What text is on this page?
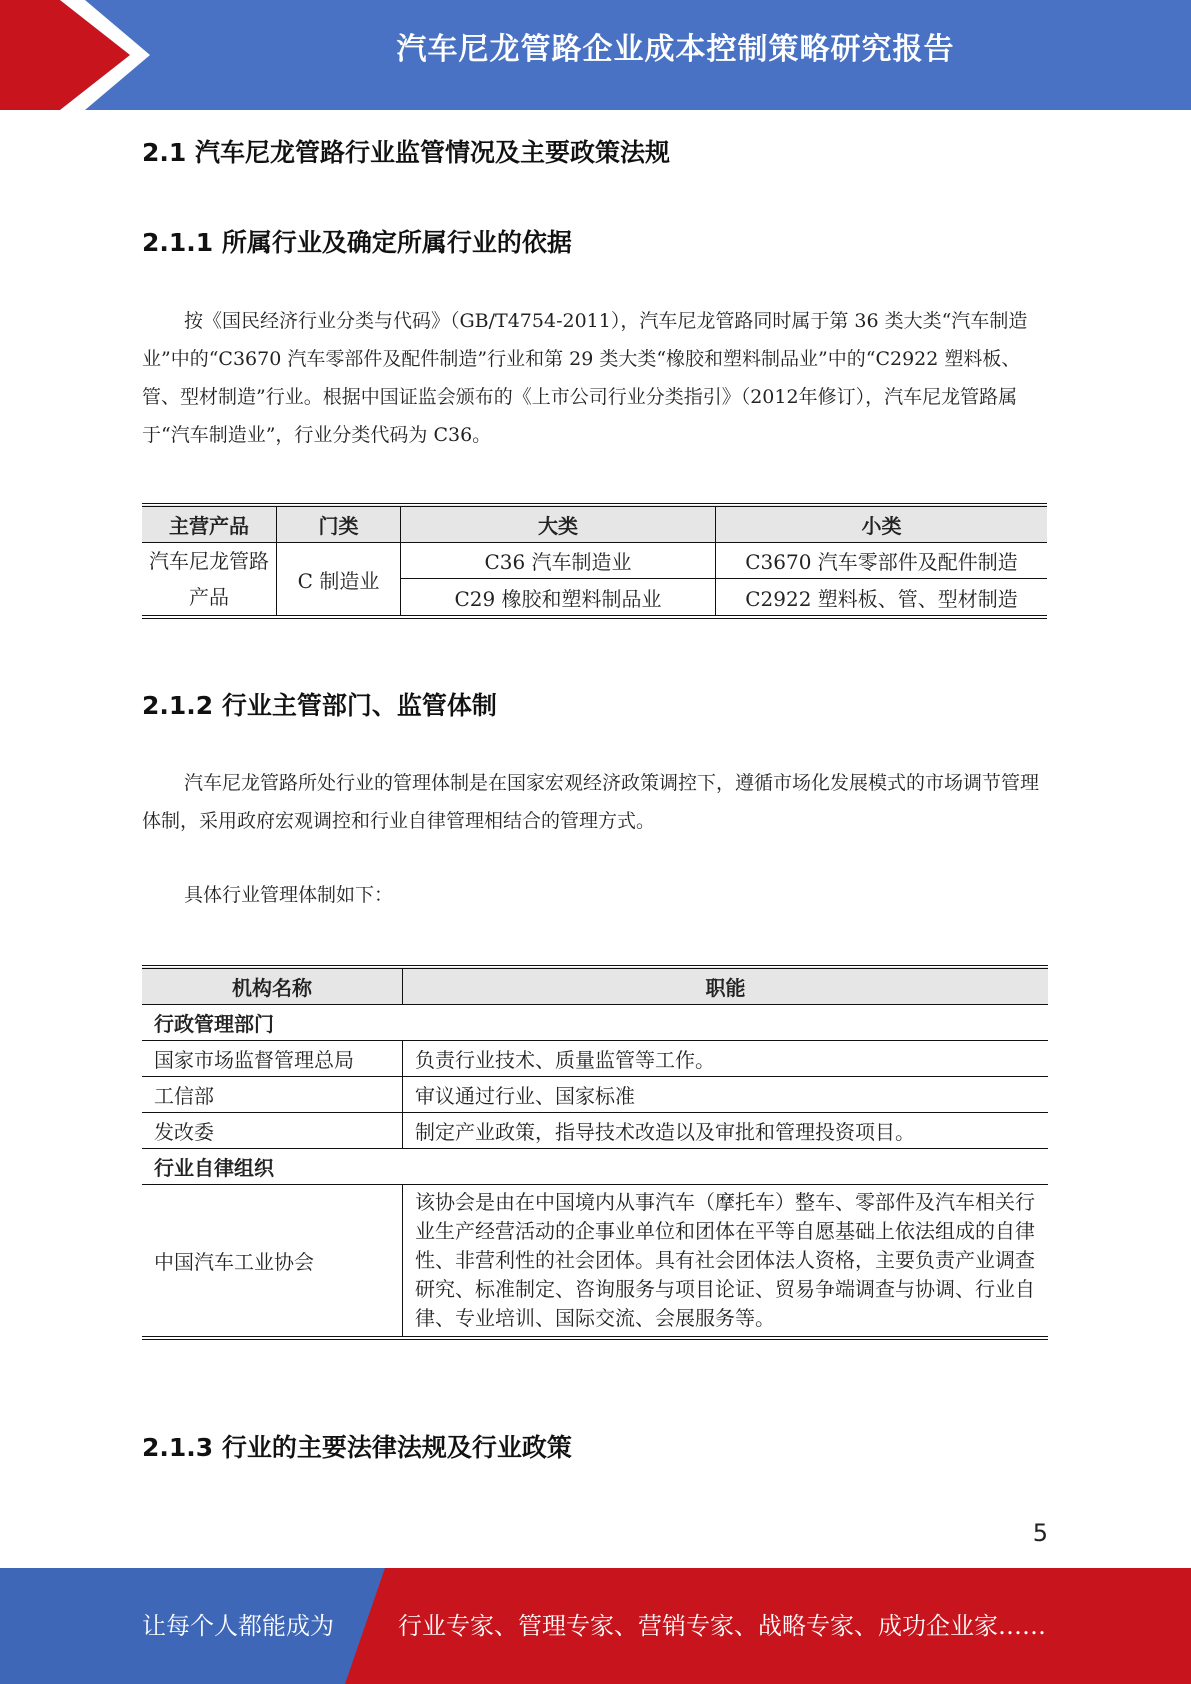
汽车尼龙管路企业成本控制策略研究报告
2.1 汽车尼龙管路行业监管情况及主要政策法规
2.1.1 所属行业及确定所属行业的依据
按《国民经济行业分类与代码》（GB/T4754-2011），汽车尼龙管路同时属于第 36 类大类“汽车制造业”中的“C3670 汽车零部件及配件制造”行业和第 29 类大类“橡胶和塑料制品业”中的“C2922 塑料板、管、型材制造”行业。根据中国证监会颁布的《上市公司行业分类指引》（2012年修订），汽车尼龙管路属于“汽车制造业”，行业分类代码为 C36。
主营产品	门类	大类	小类
汽车尼龙管路产品	C 制造业	C36 汽车制造业	C3670 汽车零部件及配件制造
		C29 橡胶和塑料制品业	C2922 塑料板、管、型材制造
2.1.2 行业主管部门、监管体制
汽车尼龙管路所处行业的管理体制是在国家宏观经济政策调控下，遵循市场化发展模式的市场调节管理体制，采用政府宏观调控和行业自律管理相结合的管理方式。
具体行业管理体制如下：
机构名称	职能
行政管理部门	
国家市场监督管理总局	负责行业技术、质量监管等工作。
工信部	审议通过行业、国家标准
发改委	制定产业政策，指导技术改造以及审批和管理投资项目。
行业自律组织	
中国汽车工业协会	该协会是由在中国境内从事汽车（摩托车）整车、零部件及汽车相关行业生产经营活动的企事业单位和团体在平等自愿基础上依法组成的自律性、非营利性的社会团体。具有社会团体法人资格，主要负责产业调查研究、标准制定、咨询服务与项目论证、贸易争端调查与协调、行业自律、专业培训、国际交流、会展服务等。
2.1.3 行业的主要法律法规及行业政策
5
让每个人都能成为	行业专家、管理专家、营销专家、战略专家、成功企业家……
